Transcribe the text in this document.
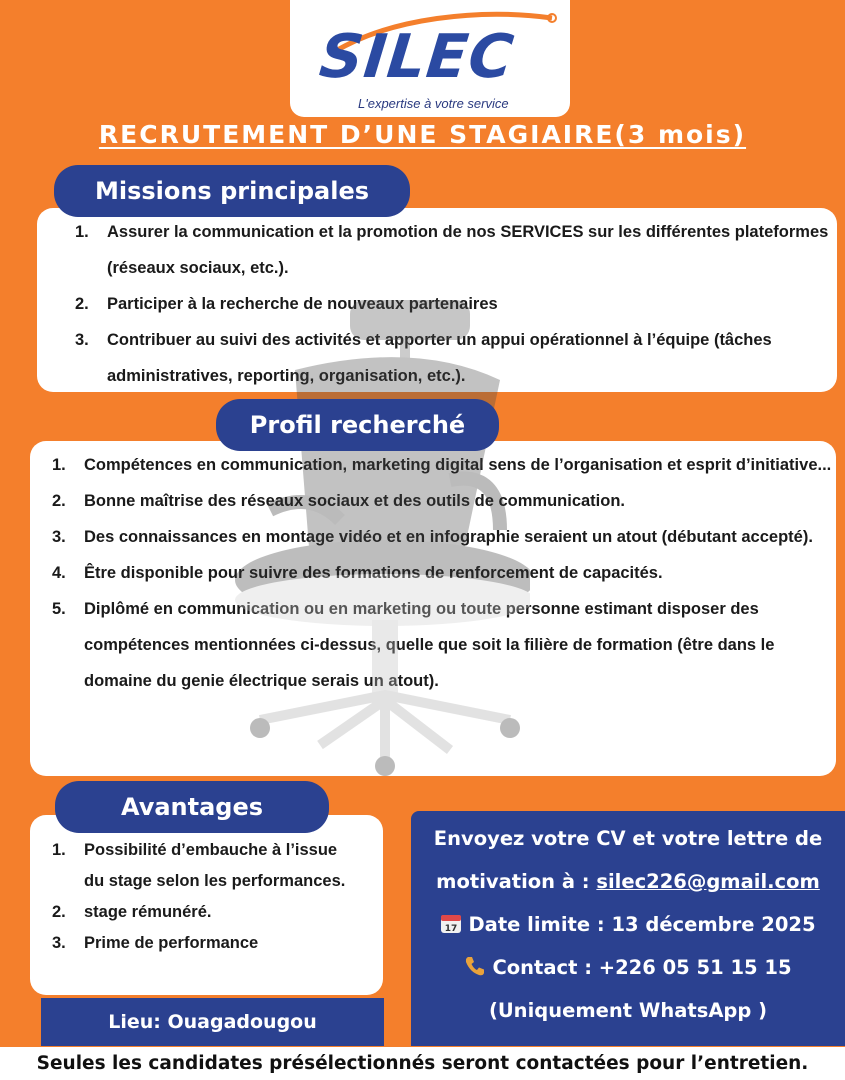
SILEC
L'expertise à votre service
RECRUTEMENT D’UNE STAGIAIRE(3 mois)
Missions principales
1. Assurer la communication et la promotion de nos SERVICES sur les différentes plateformes (réseaux sociaux, etc.).
2. Participer à la recherche de nouveaux partenaires
3. Contribuer au suivi des activités et apporter un appui opérationnel à l’équipe (tâches administratives, reporting, organisation, etc.).
Profil recherché
1. Compétences en communication, marketing digital sens de l’organisation et esprit d’initiative...
2. Bonne maîtrise des réseaux sociaux et des outils de communication.
3. Des connaissances en montage vidéo et en infographie seraient un atout (débutant accepté).
4. Être disponible pour suivre des formations de renforcement de capacités.
5. Diplômé en communication ou en marketing ou toute personne estimant disposer des compétences mentionnées ci-dessus, quelle que soit la filière de formation (être dans le domaine du genie électrique serais un atout).
Avantages
1. Possibilité d’embauche à l’issue du stage selon les performances.
2. stage rémunéré.
3. Prime de performance
Envoyez votre CV et votre lettre de
motivation à : silec226@gmail.com
17 Date limite : 13 décembre 2025
Contact : +226 05 51 15 15
(Uniquement WhatsApp )
Lieu: Ouagadougou
Seules les candidates présélectionnés seront contactées pour l’entretien.
